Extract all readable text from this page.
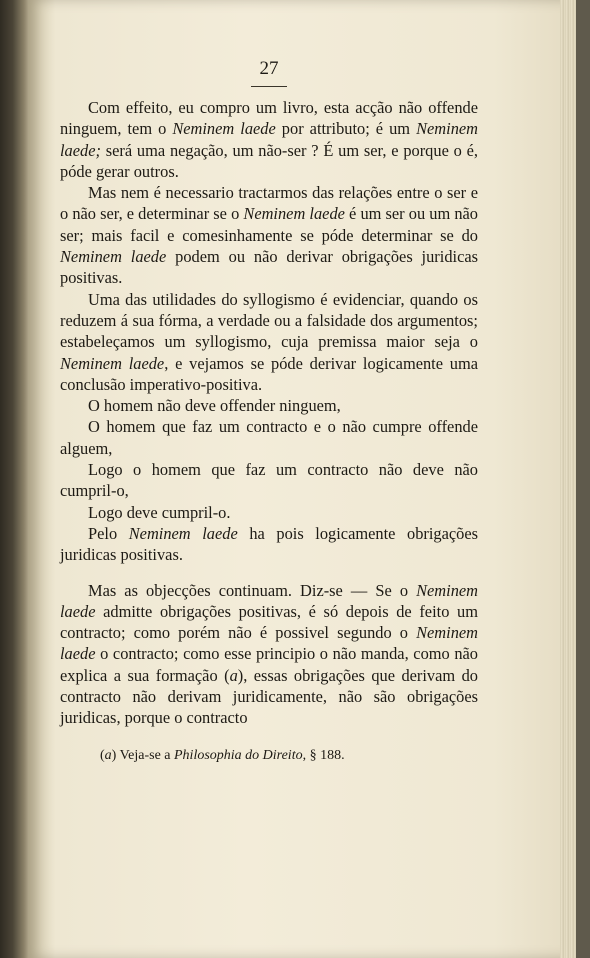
27

Com effeito, eu compro um livro, esta acção não offende ninguem, tem o Neminem laede por attributo; é um Neminem laede; será uma negação, um não-ser ? É um ser, e porque o é, póde gerar outros.

Mas nem é necessario tractarmos das relações entre o ser e o não ser, e determinar se o Neminem laede é um ser ou um não ser; mais facil e comesinhamente se póde determinar se do Neminem laede podem ou não derivar obrigações juridicas positivas.

Uma das utilidades do syllogismo é evidenciar, quando os reduzem á sua fórma, a verdade ou a falsidade dos argumentos; estabeleçamos um syllogismo, cuja premissa maior seja o Neminem laede, e vejamos se póde derivar logicamente uma conclusão imperativo-positiva.

O homem não deve offender ninguem,

O homem que faz um contracto e o não cumpre offende alguem,

Logo o homem que faz um contracto não deve não cumpril-o,

Logo deve cumpril-o.

Pelo Neminem laede ha pois logicamente obrigações juridicas positivas.

Mas as objecções continuam. Diz-se — Se o Neminem laede admitte obrigações positivas, é só depois de feito um contracto; como porém não é possivel segundo o Neminem laede o contracto; como esse principio o não manda, como não explica a sua formação (a), essas obrigações que derivam do contracto não derivam juridicamente, não são obrigações juridicas, porque o contracto

(a) Veja-se a Philosophia do Direito, § 188.
